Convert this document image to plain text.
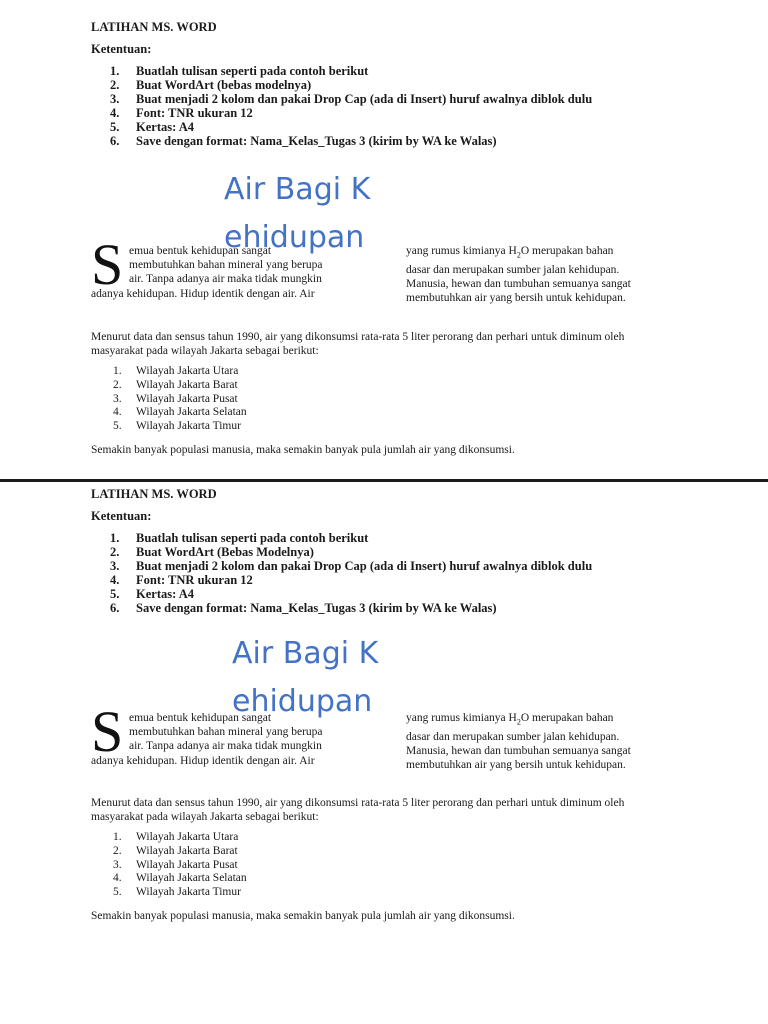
LATIHAN MS. WORD
Ketentuan:
1. Buatlah tulisan seperti pada contoh berikut
2. Buat WordArt (bebas modelnya)
3. Buat menjadi 2 kolom dan pakai Drop Cap (ada di Insert) huruf awalnya diblok dulu
4. Font: TNR ukuran 12
5. Kertas: A4
6. Save dengan format: Nama_Kelas_Tugas 3 (kirim by WA ke Walas)
Air Bagi Kehidupan
S emua bentuk kehidupan sangat
membutuhkan bahan mineral yang berupa
air. Tanpa adanya air maka tidak mungkin
adanya kehidupan. Hidup identik dengan air. Air
yang rumus kimianya $H_2O$ merupakan bahan
dasar dan merupakan sumber jalan kehidupan.
Manusia, hewan dan tumbuhan semuanya sangat
membutuhkan air yang bersih untuk kehidupan.
Menurut data dan sensus tahun 1990, air yang dikonsumsi rata-rata 5 liter perorang dan perhari untuk diminum oleh masyarakat pada wilayah Jakarta sebagai berikut:
1. Wilayah Jakarta Utara
2. Wilayah Jakarta Barat
3. Wilayah Jakarta Pusat
4. Wilayah Jakarta Selatan
5. Wilayah Jakarta Timur
Semakin banyak populasi manusia, maka semakin banyak pula jumlah air yang dikonsumsi.
LATIHAN MS. WORD
Ketentuan:
1. Buatlah tulisan seperti pada contoh berikut
2. Buat WordArt (Bebas Modelnya)
3. Buat menjadi 2 kolom dan pakai Drop Cap (ada di Insert) huruf awalnya diblok dulu
4. Font: TNR ukuran 12
5. Kertas: A4
6. Save dengan format: Nama_Kelas_Tugas 3 (kirim by WA ke Walas)
Air Bagi Kehidupan
S emua bentuk kehidupan sangat
membutuhkan bahan mineral yang berupa
air. Tanpa adanya air maka tidak mungkin
adanya kehidupan. Hidup identik dengan air. Air
yang rumus kimianya $H_2O$ merupakan bahan
dasar dan merupakan sumber jalan kehidupan.
Manusia, hewan dan tumbuhan semuanya sangat
membutuhkan air yang bersih untuk kehidupan.
Menurut data dan sensus tahun 1990, air yang dikonsumsi rata-rata 5 liter perorang dan perhari untuk diminum oleh masyarakat pada wilayah Jakarta sebagai berikut:
1. Wilayah Jakarta Utara
2. Wilayah Jakarta Barat
3. Wilayah Jakarta Pusat
4. Wilayah Jakarta Selatan
5. Wilayah Jakarta Timur
Semakin banyak populasi manusia, maka semakin banyak pula jumlah air yang dikonsumsi.
